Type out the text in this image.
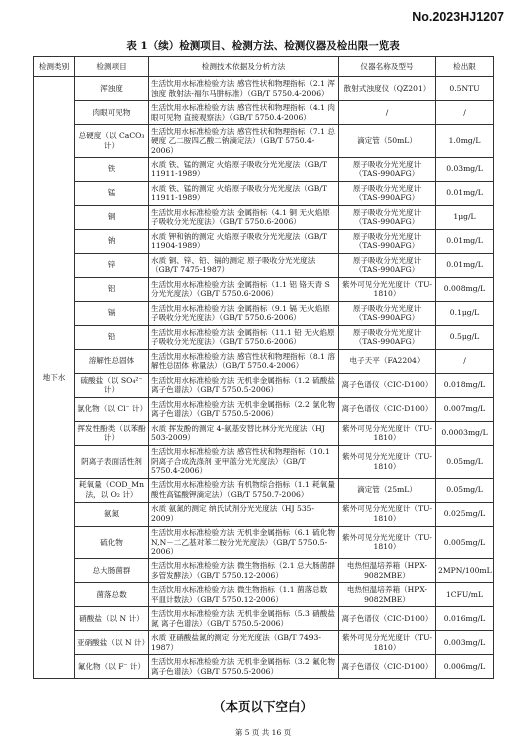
No.2023HJ1207
表 1（续）检测项目、检测方法、检测仪器及检出限一览表
检测类别	检测项目	检测技术依据及分析方法	仪器名称及型号	检出限
地下水	浑浊度	生活饮用水标准检验方法 感官性状和物理指标（2.1 浑浊度 散射法-福尔马肼标准）（GB/T 5750.4-2006）	散射式浊度仪（QZ201）	0.5NTU
	肉眼可见物	生活饮用水标准检验方法 感官性状和物理指标（4.1 肉眼可见物 直接观察法）（GB/T 5750.4-2006）	/	/
	总硬度（以 CaCO₃ 计）	生活饮用水标准检验方法 感官性状和物理指标（7.1 总硬度 乙二胺四乙酸二钠滴定法）（GB/T 5750.4-2006）	滴定管（50mL）	1.0mg/L
	铁	水质 铁、锰的测定 火焰原子吸收分光光度法（GB/T 11911-1989）	原子吸收分光光度计（TAS-990AFG）	0.03mg/L
	锰	水质 铁、锰的测定 火焰原子吸收分光光度法（GB/T 11911-1989）	原子吸收分光光度计（TAS-990AFG）	0.01mg/L
	铜	生活饮用水标准检验方法 金属指标（4.1 铜 无火焰原子吸收分光光度法）（GB/T 5750.6-2006）	原子吸收分光光度计（TAS-990AFG）	1μg/L
	钠	水质 钾和钠的测定 火焰原子吸收分光光度法（GB/T 11904-1989）	原子吸收分光光度计（TAS-990AFG）	0.01mg/L
	锌	水质 铜、锌、铅、镉的测定 原子吸收分光光度法（GB/T 7475-1987）	原子吸收分光光度计（TAS-990AFG）	0.01mg/L
	铝	生活饮用水标准检验方法 金属指标（1.1 铝 铬天青 S 分光光度法）（GB/T 5750.6-2006）	紫外可见分光光度计（TU-1810）	0.008mg/L
	镉	生活饮用水标准检验方法 金属指标（9.1 镉 无火焰原子吸收分光光度法）（GB/T 5750.6-2006）	原子吸收分光光度计（TAS-990AFG）	0.1μg/L
	铅	生活饮用水标准检验方法 金属指标（11.1 铅 无火焰原子吸收分光光度法）（GB/T 5750.6-2006）	原子吸收分光光度计（TAS-990AFG）	0.5μg/L
	溶解性总固体	生活饮用水标准检验方法 感官性状和物理指标（8.1 溶解性总固体 称量法）（GB/T 5750.4-2006）	电子天平（FA2204）	/
	硫酸盐（以 SO₄²⁻ 计）	生活饮用水标准检验方法 无机非金属指标（1.2 硫酸盐 离子色谱法）（GB/T 5750.5-2006）	离子色谱仪（CIC-D100）	0.018mg/L
	氯化物（以 Cl⁻ 计）	生活饮用水标准检验方法 无机非金属指标（2.2 氯化物 离子色谱法）（GB/T 5750.5-2006）	离子色谱仪（CIC-D100）	0.007mg/L
	挥发性酚类（以苯酚计）	水质 挥发酚的测定 4-氨基安替比林分光光度法（HJ 503-2009）	紫外可见分光光度计（TU-1810）	0.0003mg/L
	阴离子表面活性剂	生活饮用水标准检验方法 感官性状和物理指标（10.1 阴离子合成洗涤剂 亚甲蓝分光光度法）（GB/T 5750.4-2006）	紫外可见分光光度计（TU-1810）	0.05mg/L
	耗氧量（COD_Mn 法，以 O₂ 计）	生活饮用水标准检验方法 有机物综合指标（1.1 耗氧量 酸性高锰酸钾滴定法）（GB/T 5750.7-2006）	滴定管（25mL）	0.05mg/L
	氨氮	水质 氨氮的测定 纳氏试剂分光光度法（HJ 535-2009）	紫外可见分光光度计（TU-1810）	0.025mg/L
	硫化物	生活饮用水标准检验方法 无机非金属指标（6.1 硫化物 N,N－二乙基对苯二胺分光光度法）（GB/T 5750.5-2006）	紫外可见分光光度计（TU-1810）	0.005mg/L
	总大肠菌群	生活饮用水标准检验方法 微生物指标（2.1 总大肠菌群 多管发酵法）（GB/T 5750.12-2006）	电热恒温培养箱（HPX-9082MBE）	2MPN/100mL
	菌落总数	生活饮用水标准检验方法 微生物指标（1.1 菌落总数 平皿计数法）（GB/T 5750.12-2006）	电热恒温培养箱（HPX-9082MBE）	1CFU/mL
	硝酸盐（以 N 计）	生活饮用水标准检验方法 无机非金属指标（5.3 硝酸盐氮 离子色谱法）（GB/T 5750.5-2006）	离子色谱仪（CIC-D100）	0.016mg/L
	亚硝酸盐（以 N 计）	水质 亚硝酸盐氮的测定 分光光度法（GB/T 7493-1987）	紫外可见分光光度计（TU-1810）	0.003mg/L
	氟化物（以 F⁻ 计）	生活饮用水标准检验方法 无机非金属指标（3.2 氟化物 离子色谱法）（GB/T 5750.5-2006）	离子色谱仪（CIC-D100）	0.006mg/L
（本页以下空白）
第 5 页 共 16 页
